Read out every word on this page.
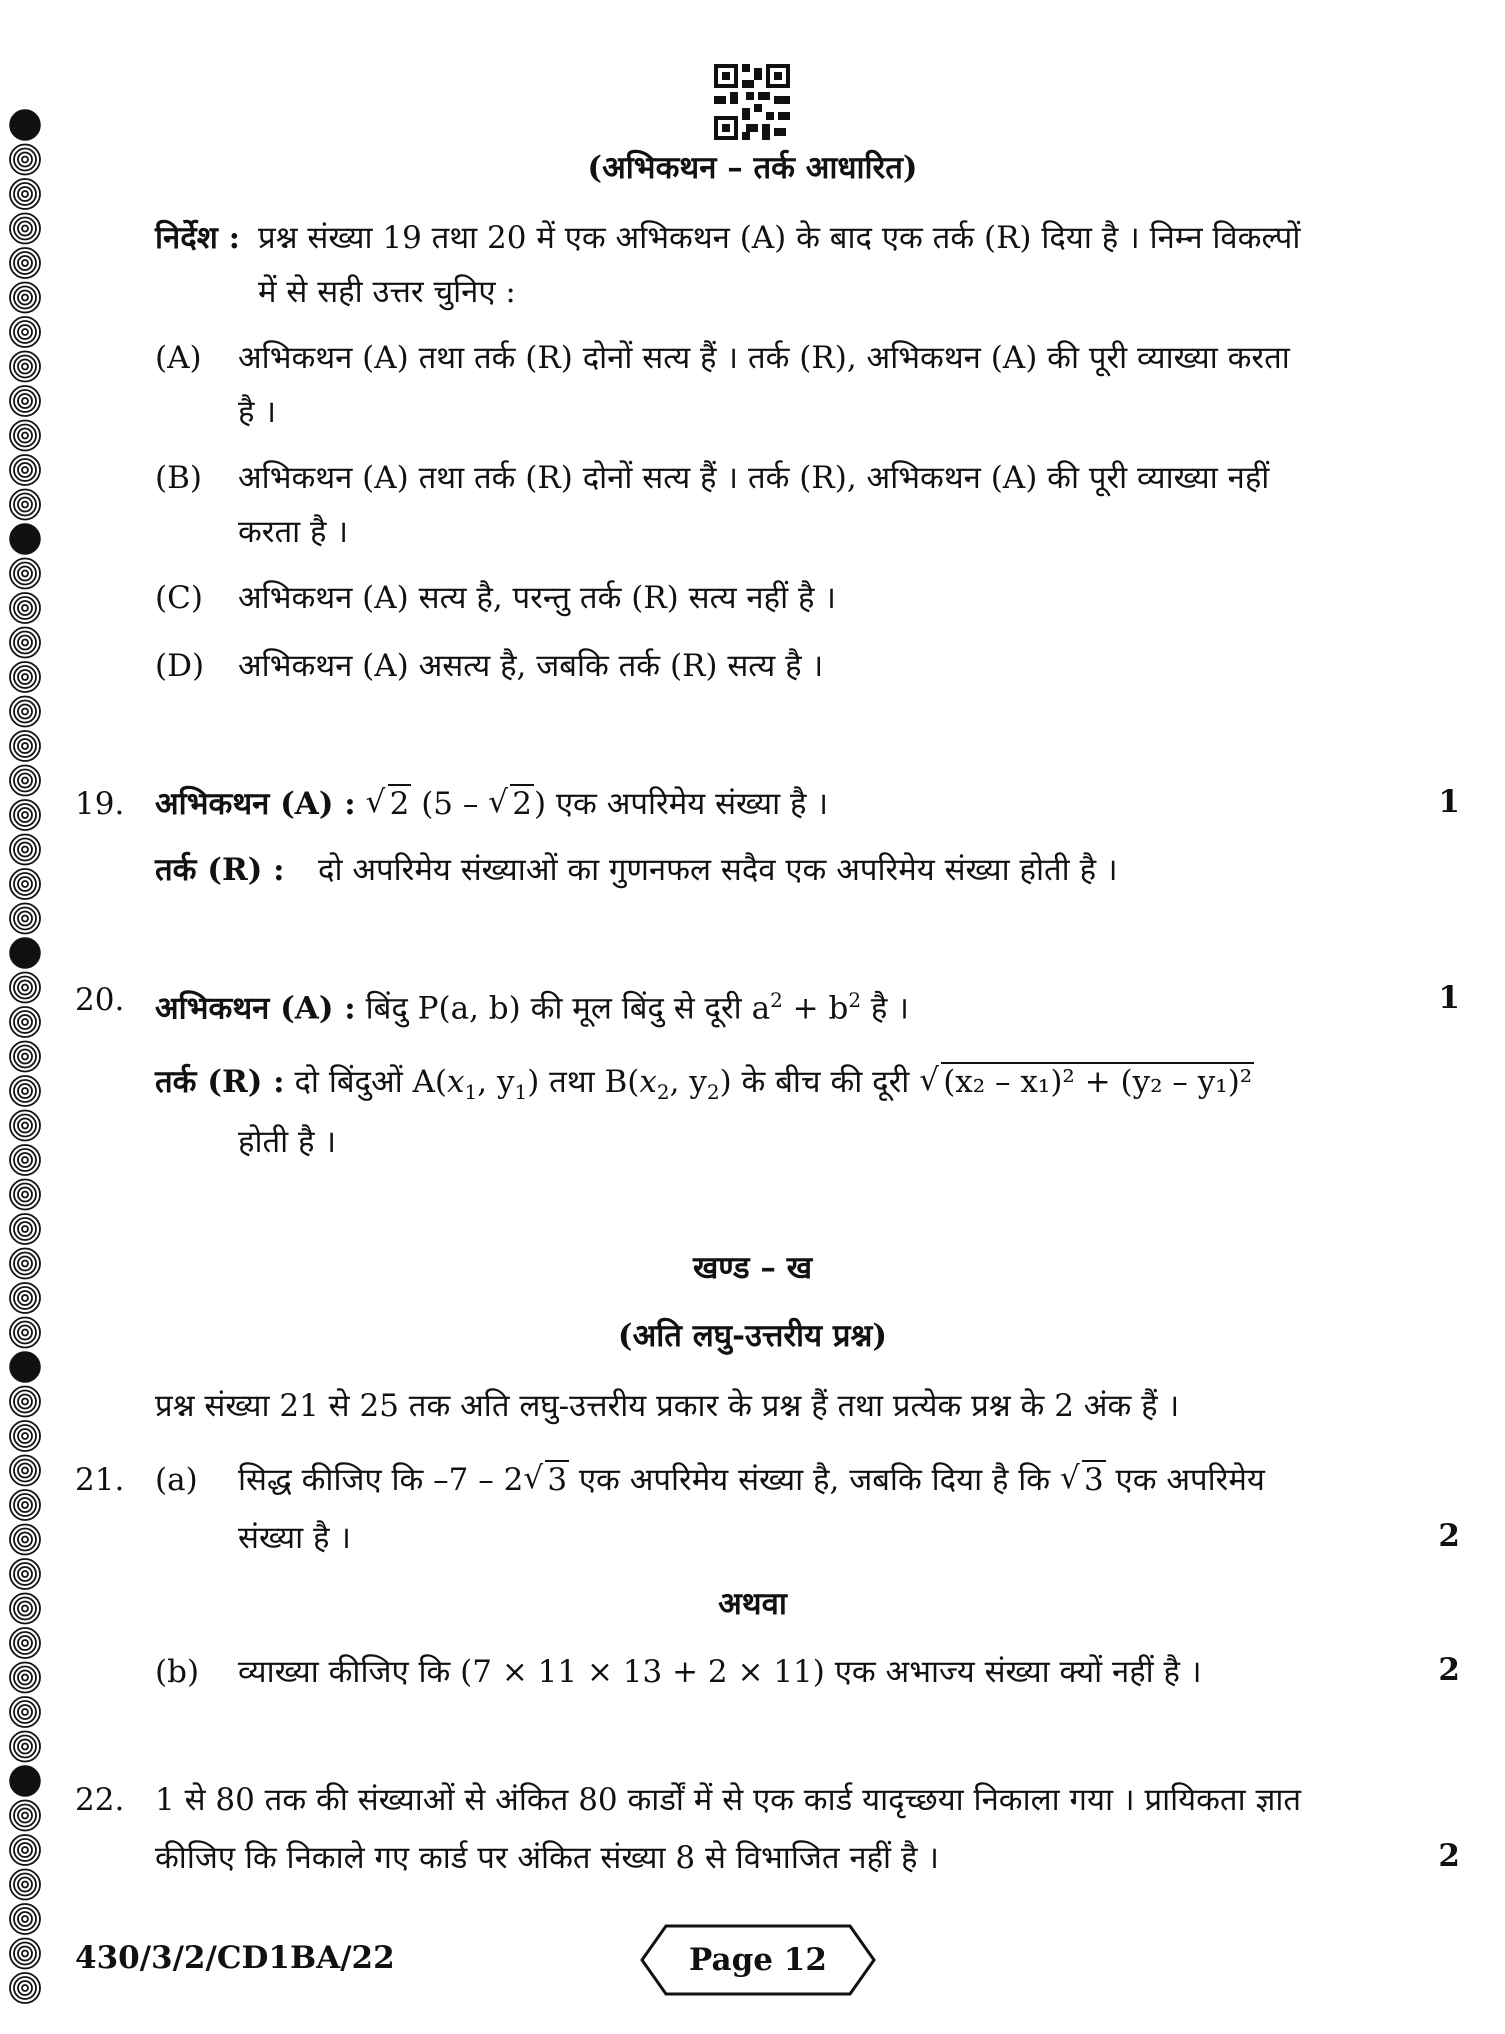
(अभिकथन – तर्क आधारित)
निर्देश : प्रश्न संख्या 19 तथा 20 में एक अभिकथन (A) के बाद एक तर्क (R) दिया है । निम्न विकल्पों
में से सही उत्तर चुनिए :
(A) अभिकथन (A) तथा तर्क (R) दोनों सत्य हैं । तर्क (R), अभिकथन (A) की पूरी व्याख्या करता
है ।
(B) अभिकथन (A) तथा तर्क (R) दोनों सत्य हैं । तर्क (R), अभिकथन (A) की पूरी व्याख्या नहीं
करता है ।
(C) अभिकथन (A) सत्य है, परन्तु तर्क (R) सत्य नहीं है ।
(D) अभिकथन (A) असत्य है, जबकि तर्क (R) सत्य है ।
19. अभिकथन (A) : √ 2 (5 – √ 2) एक अपरिमेय संख्या है ।	1
तर्क (R) : दो अपरिमेय संख्याओं का गुणनफल सदैव एक अपरिमेय संख्या होती है ।
20. अभिकथन (A) : बिंदु P(a, b) की मूल बिंदु से दूरी $a^2 + b^2$ है ।	1
तर्क (R) : दो बिंदुओं $A(x_1$, $y_1$) तथा $B(x_2$, $y_2$) के बीच की दूरी √ (x₂ – x₁)² + (y₂ – y₁)²
होती है ।
खण्ड – ख
(अति लघु-उत्तरीय प्रश्न)
प्रश्न संख्या 21 से 25 तक अति लघु-उत्तरीय प्रकार के प्रश्न हैं तथा प्रत्येक प्रश्न के 2 अंक हैं ।
21. (a) सिद्ध कीजिए कि –7 – 2 √ 3 एक अपरिमेय संख्या है, जबकि दिया है कि √ 3 एक अपरिमेय
संख्या है ।	2
अथवा
(b) व्याख्या कीजिए कि (7 × 11 × 13 + 2 × 11) एक अभाज्य संख्या क्यों नहीं है ।	2
22. 1 से 80 तक की संख्याओं से अंकित 80 कार्डों में से एक कार्ड यादृच्छया निकाला गया । प्रायिकता ज्ञात
कीजिए कि निकाले गए कार्ड पर अंकित संख्या 8 से विभाजित नहीं है ।	2
430/3/2/CD1BA/22	Page 12
